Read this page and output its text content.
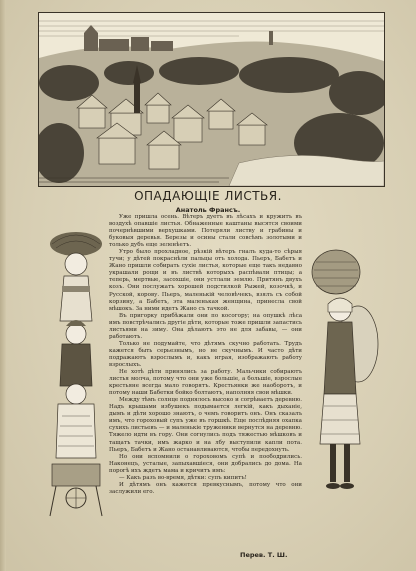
ОПАДАЮЩІЕ ЛИСТЬЯ.
Анатоль Франсъ.

Уже пришла осень. Вѣтеръ дуетъ въ лѣсахъ и кружитъ въ воздухѣ опавшіе листья. Обнаженные каштаны высятся своими почернѣвшими верхушками. Потеряли листву и грабины и буковыя деревья. Березы и осины стали совсѣмъ золотыми и только дубъ еще зеленѣетъ.

Утро было прохладное, рѣзкій вѣтеръ гналъ куда-то сѣрыя тучи; у дѣтей покраснѣли пальцы отъ холода. Пьеръ, Бабетъ и Жано пришли собирать сухіе листья, которые еще такъ недавно украшали рощи и въ листвѣ которыхъ распѣвали птицы; а теперь, мертвые, засохшіе, они устлали землю. Притянъ двухъ козъ. Они послужатъ хорошей подстилкой Рыжей, козочкѣ, и Русской, корову. Пьеръ, маленькій человѣчекъ, взялъ съ собой корзину, а Бабетъ, эта маленькая женщина, принесла свой мѣшокъ. За ними идетъ Жано съ тачкой.

Въ пригорку прибѣжали они по косогору; на опушкѣ лѣса имъ повстрѣчались другіе дѣти, которые тоже пришли запастись листьями на зиму. Она дѣлаютъ это не для забавы, — они работаютъ.

Только не подумайте, что дѣтямъ скучно работать. Трудъ кажется быть серьезнымъ, но не скучнымъ. И часто дѣти подражаютъ взрослымъ и, какъ играя, изображаютъ работу взрослыхъ.

Не хотѣ дѣти принялись за работу. Мальчики собираютъ листья молча, потому что они уже большіе, а большіе, взрослые крестьяне всегда мало говорятъ. Крестьянки же наоборотъ, и потому наши Бабетки бойко болтаютъ, наполняя свои мѣшки.

Между тѣмъ солнце поднялось высоко и согрѣваетъ деревню. Надъ крышами избушекъ подымается легкій, какъ дыханіе, дымъ и дѣти хорошо знаютъ, о чемъ говоритъ онъ. Онъ сказалъ имъ, что гороховый супъ уже въ горшкѣ. Еще послѣдняя охапка сухихъ листьевъ — и маленькіе труженики вернутся на деревню. Тяжело идти въ гору. Они согнулись подъ тяжестью мѣшковъ и тащатъ тачки, имъ жарко и на лбу выступили капли пота. Пьеръ, Бабетъ и Жано останавливаются, чтобы передохнуть.

Но они вспомнили о гороховомъ супѣ и поободрились. Наконецъ, усталые, запыхавшіеся, они добрались до дома. На порогѣ ихъ ждетъ мама и кричитъ имъ:

— Какъ разъ во-время, дѣтки: супъ кипитъ!

И дѣтямъ онъ кажется превкуснымъ, потому что они заслужили его.

Перев. Т. Ш.
